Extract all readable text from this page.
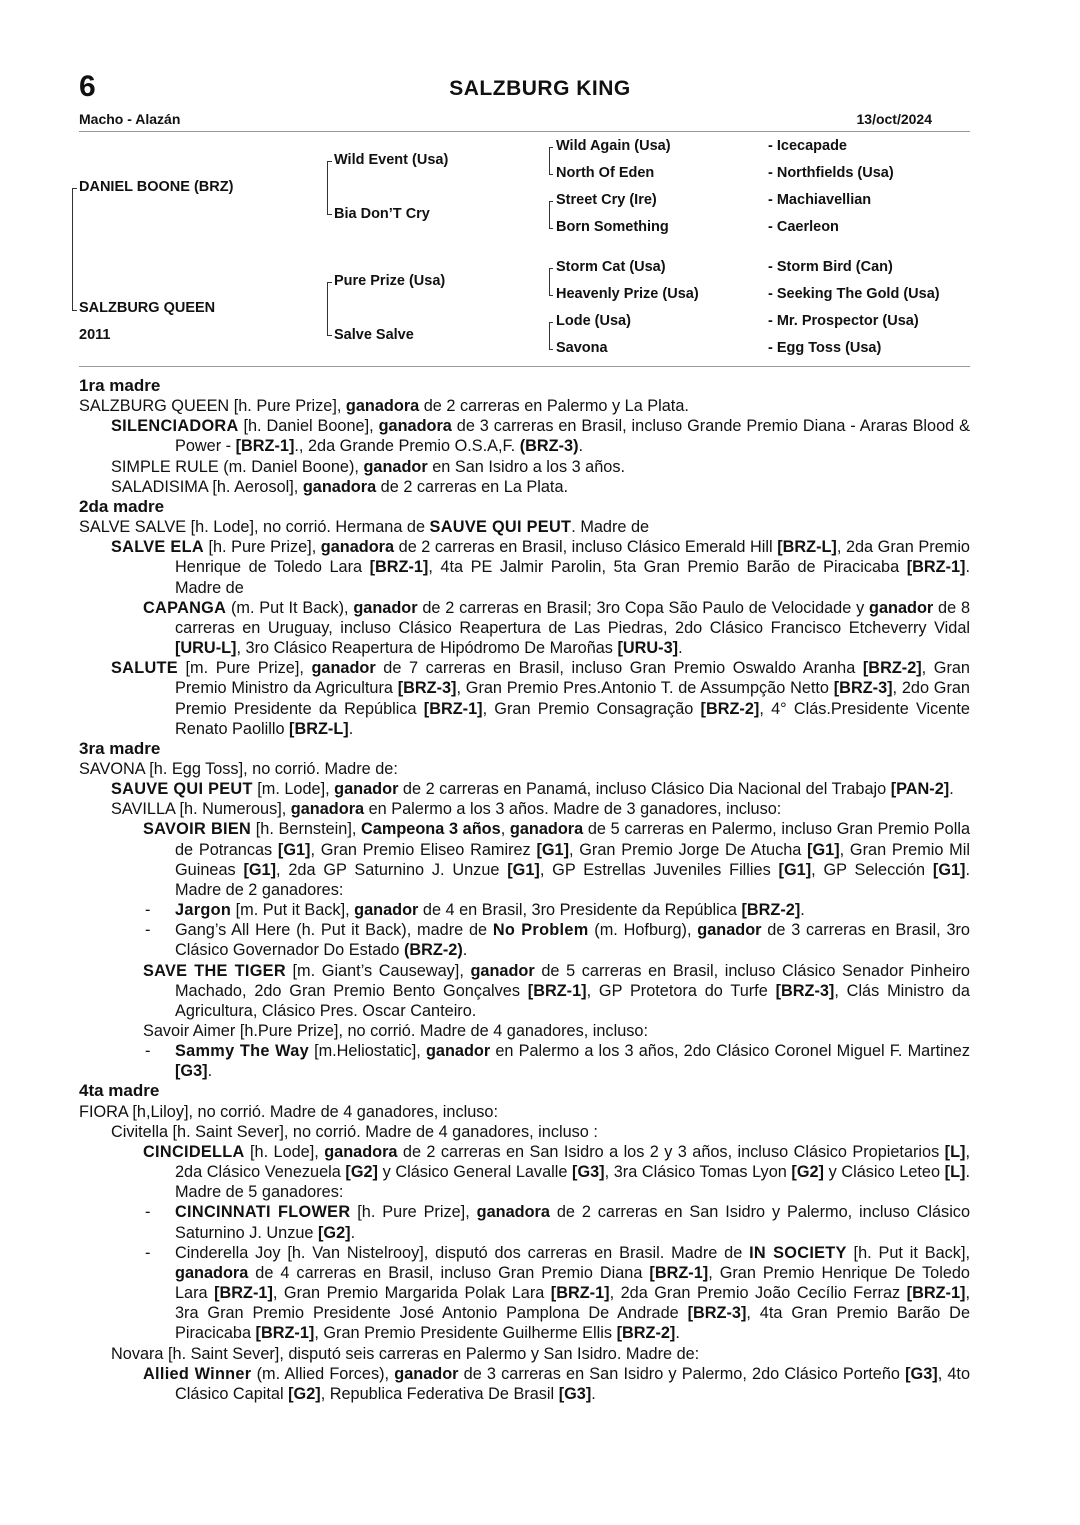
6	SALZBURG KING
Macho - Alazán	13/oct/2024
DANIEL BOONE (BRZ)
SALZBURG QUEEN
2011
Wild Event (Usa)
Bia Don’T Cry
Pure Prize (Usa)
Salve Salve
Wild Again (Usa)
North Of Eden
Street Cry (Ire)
Born Something
Storm Cat (Usa)
Heavenly Prize (Usa)
Lode (Usa)
Savona
- Icecapade
- Northfields (Usa)
- Machiavellian
- Caerleon
- Storm Bird (Can)
- Seeking The Gold (Usa)
- Mr. Prospector (Usa)
- Egg Toss (Usa)

1ra madre

SALZBURG QUEEN [h. Pure Prize], ganadora de 2 carreras en Palermo y La Plata.

SILENCIADORA [h. Daniel Boone], ganadora de 3 carreras en Brasil, incluso Grande Premio Diana - Araras Blood & Power - [BRZ-1]., 2da Grande Premio O.S.A,F. (BRZ-3).

SIMPLE RULE (m. Daniel Boone), ganador en San Isidro a los 3 años.

SALADISIMA [h. Aerosol], ganadora de 2 carreras en La Plata.

2da madre

SALVE SALVE [h. Lode], no corrió. Hermana de SAUVE QUI PEUT. Madre de

SALVE ELA [h. Pure Prize], ganadora de 2 carreras en Brasil, incluso Clásico Emerald Hill [BRZ-L], 2da Gran Premio Henrique de Toledo Lara [BRZ-1], 4ta PE Jalmir Parolin, 5ta Gran Premio Barão de Piracicaba [BRZ-1]. Madre de

CAPANGA (m. Put It Back), ganador de 2 carreras en Brasil; 3ro Copa São Paulo de Velocidade y ganador de 8 carreras en Uruguay, incluso Clásico Reapertura de Las Piedras, 2do Clásico Francisco Etcheverry Vidal [URU-L], 3ro Clásico Reapertura de Hipódromo De Maroñas [URU-3].

SALUTE [m. Pure Prize], ganador de 7 carreras en Brasil, incluso Gran Premio Oswaldo Aranha [BRZ-2], Gran Premio Ministro da Agricultura [BRZ-3], Gran Premio Pres.Antonio T. de Assumpção Netto [BRZ-3], 2do Gran Premio Presidente da República [BRZ-1], Gran Premio Consagração [BRZ-2], 4° Clás.Presidente Vicente Renato Paolillo [BRZ-L].

3ra madre

SAVONA [h. Egg Toss], no corrió. Madre de:

SAUVE QUI PEUT [m. Lode], ganador de 2 carreras en Panamá, incluso Clásico Dia Nacional del Trabajo [PAN-2].

SAVILLA [h. Numerous], ganadora en Palermo a los 3 años. Madre de 3 ganadores, incluso:

SAVOIR BIEN [h. Bernstein], Campeona 3 años, ganadora de 5 carreras en Palermo, incluso Gran Premio Polla de Potrancas [G1], Gran Premio Eliseo Ramirez [G1], Gran Premio Jorge De Atucha [G1], Gran Premio Mil Guineas [G1], 2da GP Saturnino J. Unzue [G1], GP Estrellas Juveniles Fillies [G1], GP Selección [G1]. Madre de 2 ganadores:

- Jargon [m. Put it Back], ganador de 4 en Brasil, 3ro Presidente da República [BRZ-2].

- Gang’s All Here (h. Put it Back), madre de No Problem (m. Hofburg), ganador de 3 carreras en Brasil, 3ro Clásico Governador Do Estado (BRZ-2).

SAVE THE TIGER [m. Giant’s Causeway], ganador de 5 carreras en Brasil, incluso Clásico Senador Pinheiro Machado, 2do Gran Premio Bento Gonçalves [BRZ-1], GP Protetora do Turfe [BRZ-3], Clás Ministro da Agricultura, Clásico Pres. Oscar Canteiro.

Savoir Aimer [h.Pure Prize], no corrió. Madre de 4 ganadores, incluso:

- Sammy The Way [m.Heliostatic], ganador en Palermo a los 3 años, 2do Clásico Coronel Miguel F. Martinez [G3].

4ta madre

FIORA [h,Liloy], no corrió. Madre de 4 ganadores, incluso:

Civitella [h. Saint Sever], no corrió. Madre de 4 ganadores, incluso :

CINCIDELLA [h. Lode], ganadora de 2 carreras en San Isidro a los 2 y 3 años, incluso Clásico Propietarios [L], 2da Clásico Venezuela [G2] y Clásico General Lavalle [G3], 3ra Clásico Tomas Lyon [G2] y Clásico Leteo [L]. Madre de 5 ganadores:

- CINCINNATI FLOWER [h. Pure Prize], ganadora de 2 carreras en San Isidro y Palermo, incluso Clásico Saturnino J. Unzue [G2].

- Cinderella Joy [h. Van Nistelrooy], disputó dos carreras en Brasil. Madre de IN SOCIETY [h. Put it Back], ganadora de 4 carreras en Brasil, incluso Gran Premio Diana [BRZ-1], Gran Premio Henrique De Toledo Lara [BRZ-1], Gran Premio Margarida Polak Lara [BRZ-1], 2da Gran Premio João Cecílio Ferraz [BRZ-1], 3ra Gran Premio Presidente José Antonio Pamplona De Andrade [BRZ-3], 4ta Gran Premio Barão De Piracicaba [BRZ-1], Gran Premio Presidente Guilherme Ellis [BRZ-2].

Novara [h. Saint Sever], disputó seis carreras en Palermo y San Isidro. Madre de:

Allied Winner (m. Allied Forces), ganador de 3 carreras en San Isidro y Palermo, 2do Clásico Porteño [G3], 4to Clásico Capital [G2], Republica Federativa De Brasil [G3].
